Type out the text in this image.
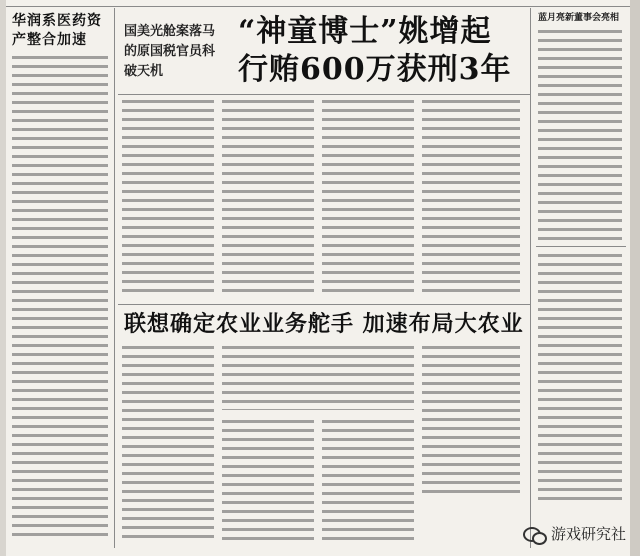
华润系医药资产整合加速
国美光舱案落马的原国税官员科破天机
“神童博士”姚增起
行贿600万获刑3年
联想确定农业业务舵手 加速布局大农业
蓝月亮新董事会亮相
游戏研究社
